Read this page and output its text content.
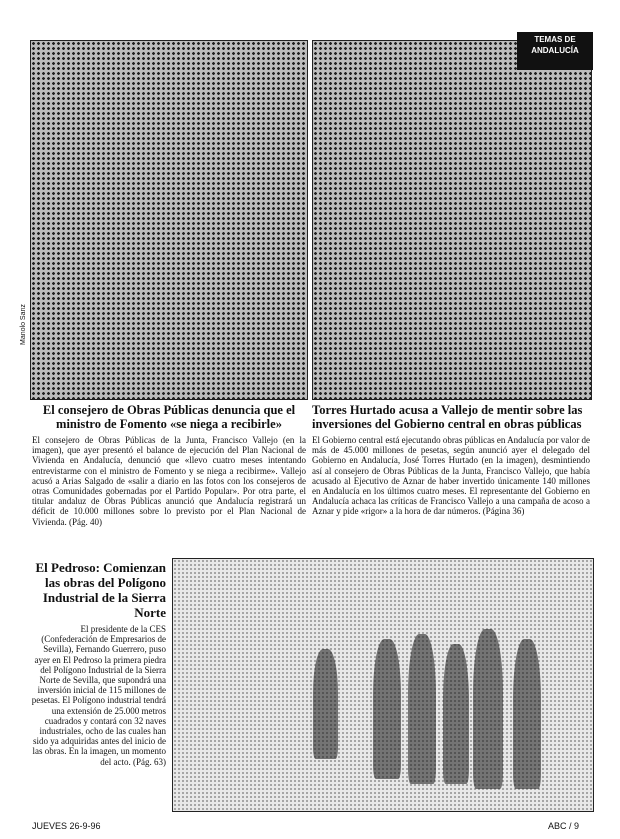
TEMAS DE ANDALUCÍA
Manolo Sanz
El consejero de Obras Públicas denuncia que el ministro de Fomento «se niega a recibirle»
El consejero de Obras Públicas de la Junta, Francisco Vallejo (en la imagen), que ayer presentó el balance de ejecución del Plan Nacional de Vivienda en Andalucía, denunció que «llevo cuatro meses intentando entrevistarme con el ministro de Fomento y se niega a recibirme». Vallejo acusó a Arias Salgado de «salir a diario en las fotos con los consejeros de otras Comunidades gobernadas por el Partido Popular». Por otra parte, el titular andaluz de Obras Públicas anunció que Andalucía registrará un déficit de 10.000 millones sobre lo previsto por el Plan Nacional de Vivienda. (Pág. 40)
Torres Hurtado acusa a Vallejo de mentir sobre las inversiones del Gobierno central en obras públicas
El Gobierno central está ejecutando obras públicas en Andalucía por valor de más de 45.000 millones de pesetas, según anunció ayer el delegado del Gobierno en Andalucía, José Torres Hurtado (en la imagen), desmintiendo así al consejero de Obras Públicas de la Junta, Francisco Vallejo, que había acusado al Ejecutivo de Aznar de haber invertido únicamente 140 millones en Andalucía en los últimos cuatro meses. El representante del Gobierno en Andalucía achaca las críticas de Francisco Vallejo a una campaña de acoso a Aznar y pide «rigor» a la hora de dar números. (Página 36)
El Pedroso: Comienzan las obras del Polígono Industrial de la Sierra Norte
El presidente de la CES (Confederación de Empresarios de Sevilla), Fernando Guerrero, puso ayer en El Pedroso la primera piedra del Polígono Industrial de la Sierra Norte de Sevilla, que supondrá una inversión inicial de 115 millones de pesetas. El Polígono industrial tendrá una extensión de 25.000 metros cuadrados y contará con 32 naves industriales, ocho de las cuales han sido ya adquiridas antes del inicio de las obras. En la imagen, un momento del acto. (Pág. 63)
JUEVES 26-9-96	ABC / 9
